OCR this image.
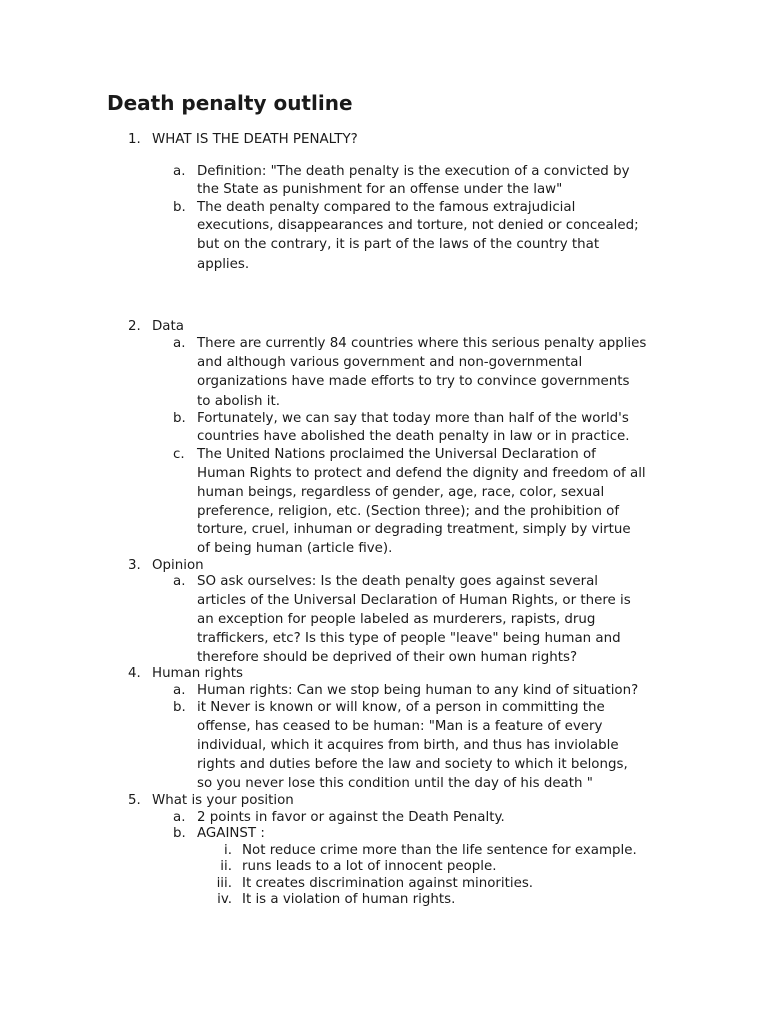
Death penalty outline
1. WHAT IS THE DEATH PENALTY?
a. Definition: "The death penalty is the execution of a convicted by
the State as punishment for an offense under the law"
b. The death penalty compared to the famous extrajudicial
executions, disappearances and torture, not denied or concealed;
but on the contrary, it is part of the laws of the country that
applies.
2. Data
a. There are currently 84 countries where this serious penalty applies
and although various government and non-governmental
organizations have made efforts to try to convince governments
to abolish it.
b. Fortunately, we can say that today more than half of the world's
countries have abolished the death penalty in law or in practice.
c. The United Nations proclaimed the Universal Declaration of
Human Rights to protect and defend the dignity and freedom of all
human beings, regardless of gender, age, race, color, sexual
preference, religion, etc. (Section three); and the prohibition of
torture, cruel, inhuman or degrading treatment, simply by virtue
of being human (article five).
3. Opinion
a. SO ask ourselves: Is the death penalty goes against several
articles of the Universal Declaration of Human Rights, or there is
an exception for people labeled as murderers, rapists, drug
traffickers, etc? Is this type of people "leave" being human and
therefore should be deprived of their own human rights?
4. Human rights
a. Human rights: Can we stop being human to any kind of situation?
b. it Never is known or will know, of a person in committing the
offense, has ceased to be human: "Man is a feature of every
individual, which it acquires from birth, and thus has inviolable
rights and duties before the law and society to which it belongs,
so you never lose this condition until the day of his death "
5. What is your position
a. 2 points in favor or against the Death Penalty.
b. AGAINST :
i. Not reduce crime more than the life sentence for example.
ii. runs leads to a lot of innocent people.
iii. It creates discrimination against minorities.
iv. It is a violation of human rights.
